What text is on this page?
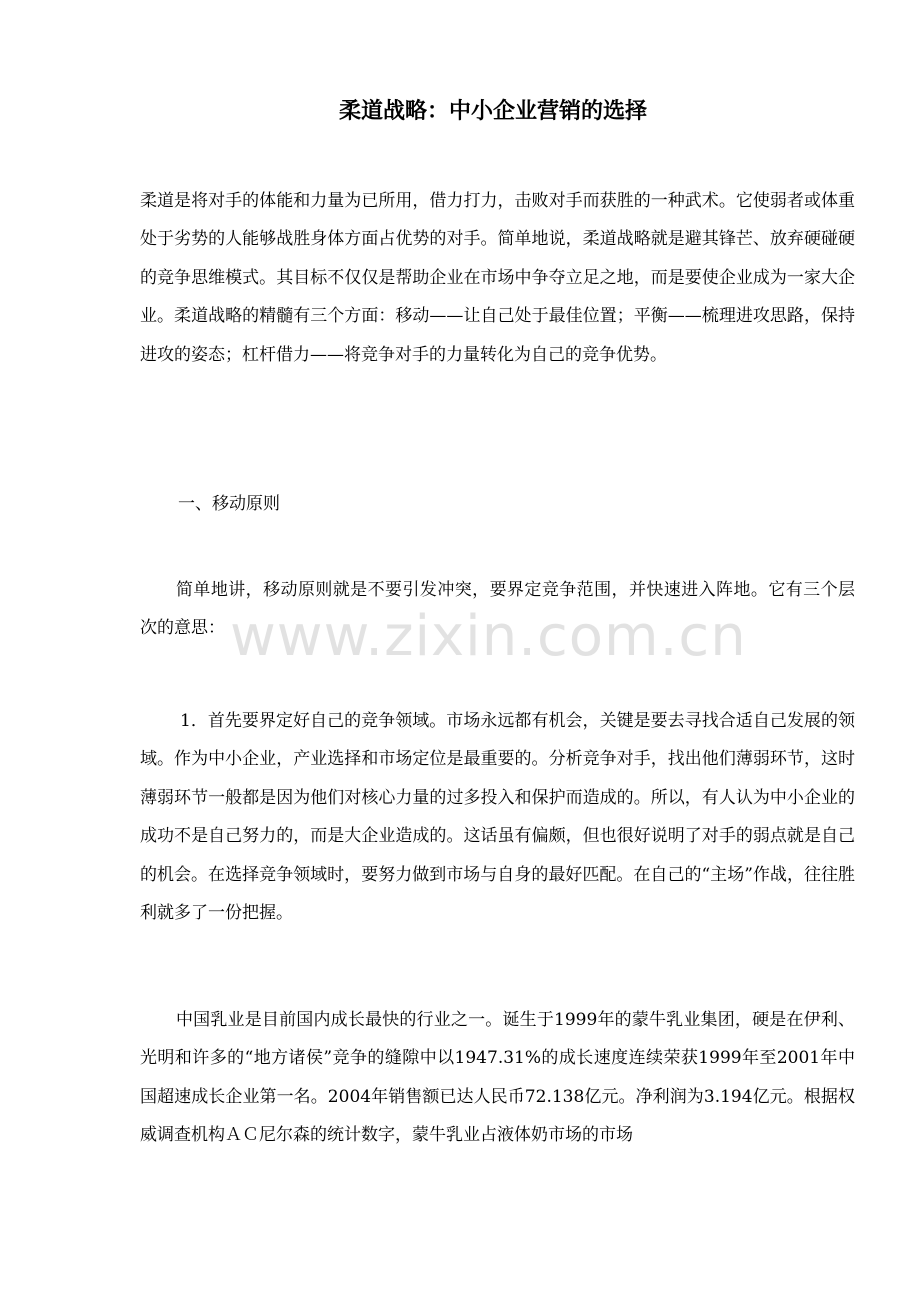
柔道战略：中小企业营销的选择

柔道是将对手的体能和力量为已所用，借力打力，击败对手而获胜的一种武术。它使弱者或体重处于劣势的人能够战胜身体方面占优势的对手。简单地说，柔道战略就是避其锋芒、放弃硬碰硬的竞争思维模式。其目标不仅仅是帮助企业在市场中争夺立足之地，而是要使企业成为一家大企业。柔道战略的精髓有三个方面：移动——让自己处于最佳位置；平衡——梳理进攻思路，保持进攻的姿态；杠杆借力——将竞争对手的力量转化为自己的竞争优势。

一、移动原则

简单地讲，移动原则就是不要引发冲突，要界定竞争范围，并快速进入阵地。它有三个层次的意思：

1．首先要界定好自己的竞争领域。市场永远都有机会，关键是要去寻找合适自己发展的领域。作为中小企业，产业选择和市场定位是最重要的。分析竞争对手，找出他们薄弱环节，这时薄弱环节一般都是因为他们对核心力量的过多投入和保护而造成的。所以，有人认为中小企业的成功不是自己努力的，而是大企业造成的。这话虽有偏颇，但也很好说明了对手的弱点就是自己的机会。在选择竞争领域时，要努力做到市场与自身的最好匹配。在自己的“主场”作战，往往胜利就多了一份把握。

中国乳业是目前国内成长最快的行业之一。诞生于1999年的蒙牛乳业集团，硬是在伊利、光明和许多的“地方诸侯”竞争的缝隙中以1947.31%的成长速度连续荣获1999年至2001年中国超速成长企业第一名。2004年销售额已达人民币72.138亿元。净利润为3.194亿元。根据权威调查机构ＡＣ尼尔森的统计数字，蒙牛乳业占液体奶市场的市场

www.zixin.com.cn
